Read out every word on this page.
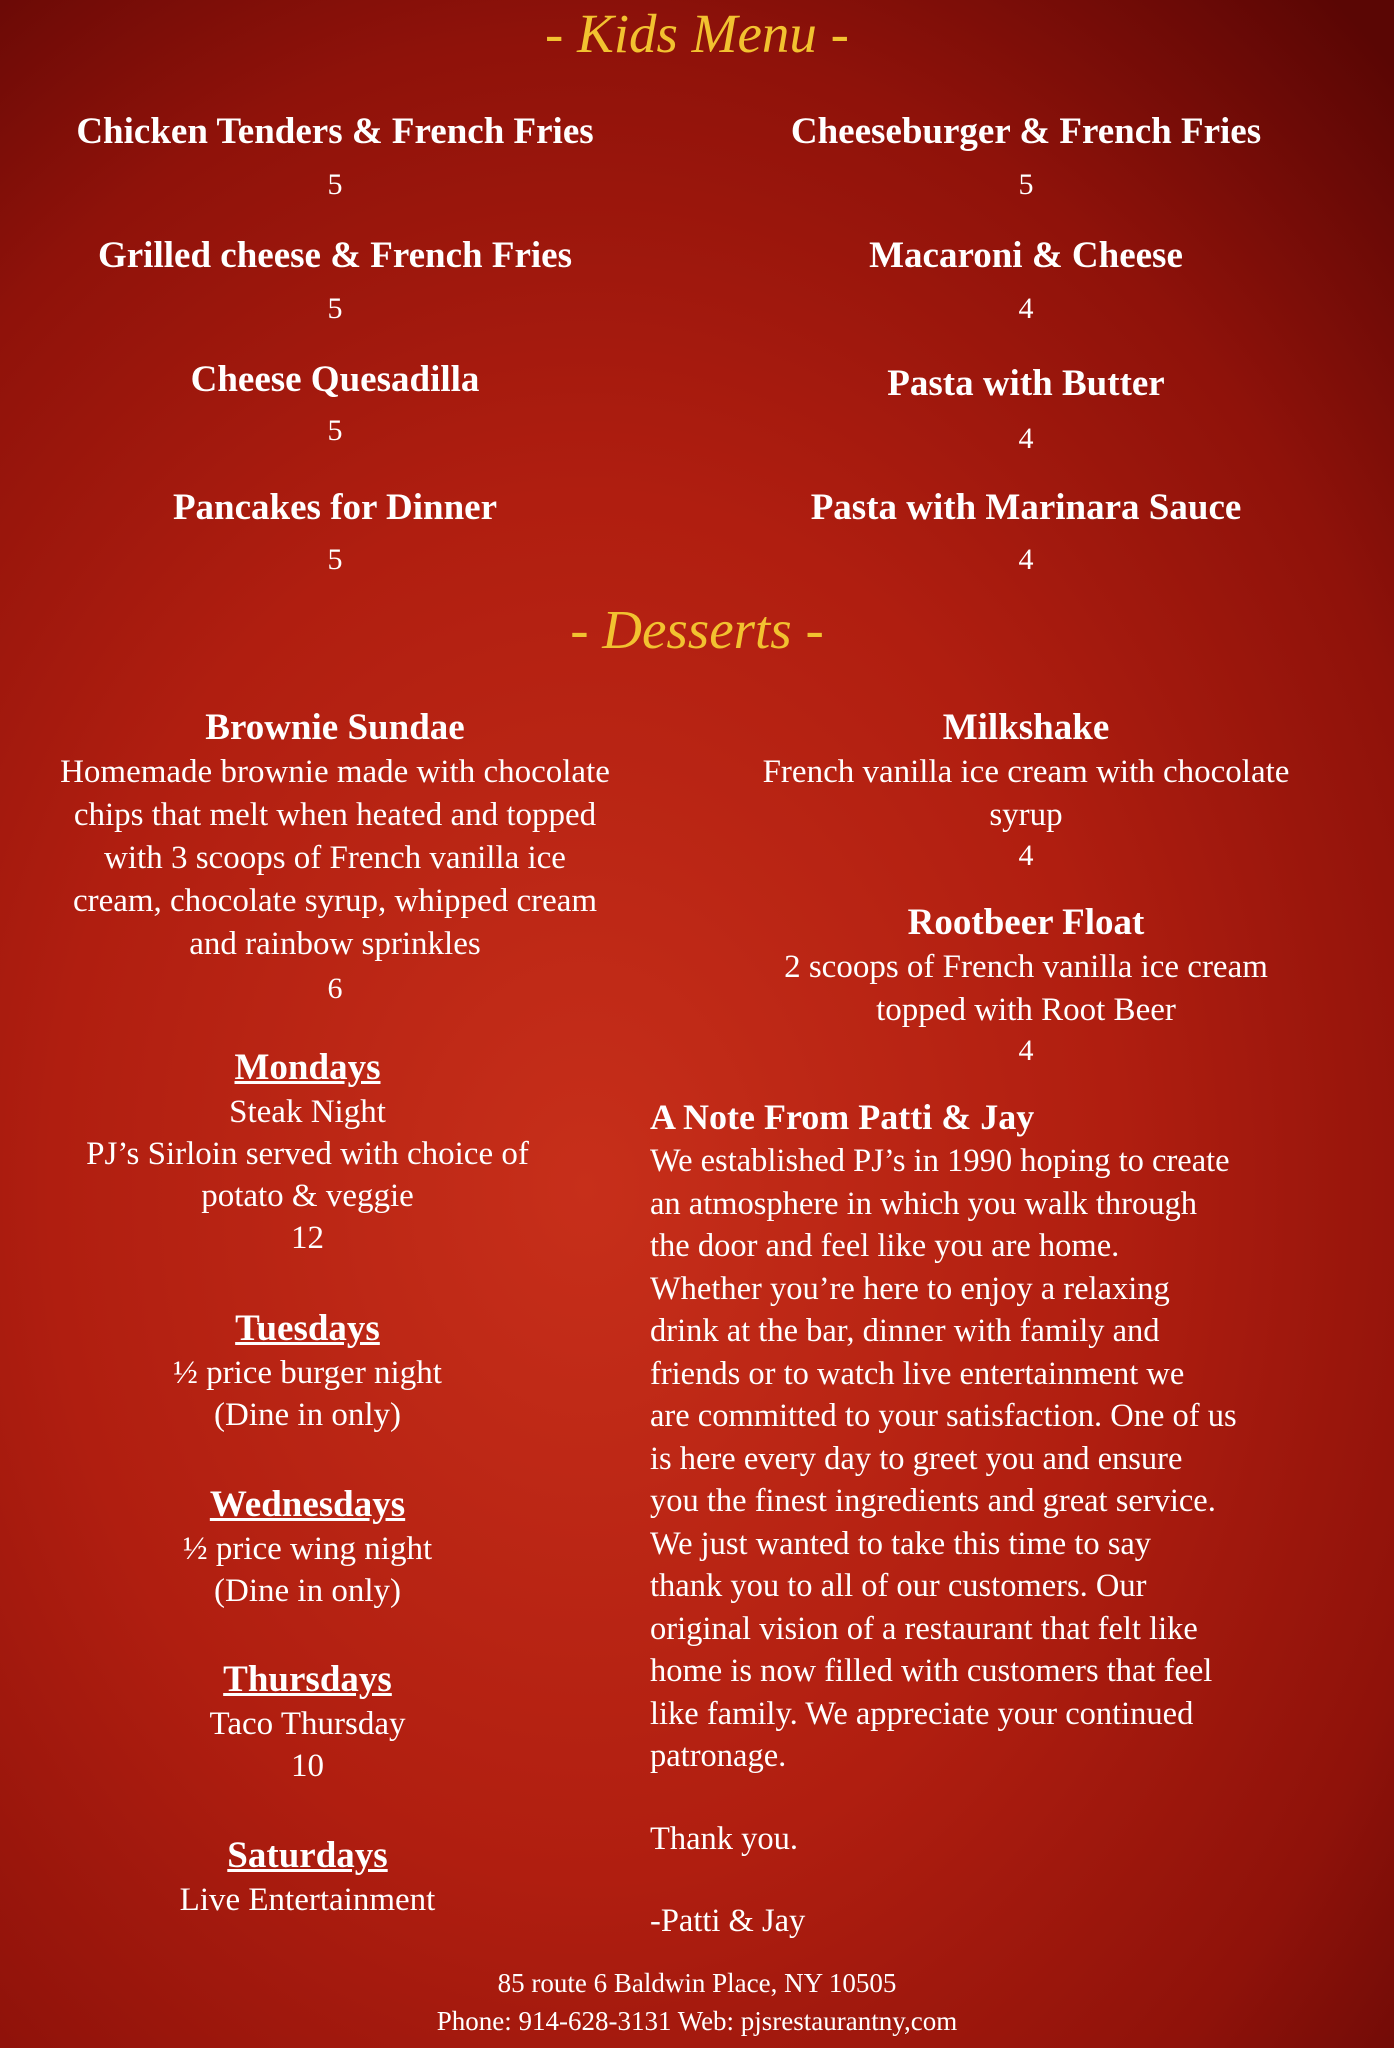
- Kids Menu -
Chicken Tenders & French Fries
5
Grilled cheese & French Fries
5
Cheese Quesadilla
5
Pancakes for Dinner
5
Cheeseburger & French Fries
5
Macaroni & Cheese
4
Pasta with Butter
4
Pasta with Marinara Sauce
4
- Desserts -
Brownie Sundae
Homemade brownie made with chocolate
chips that melt when heated and topped
with 3 scoops of French vanilla ice
cream, chocolate syrup, whipped cream
and rainbow sprinkles
6
Milkshake
French vanilla ice cream with chocolate
syrup
4
Rootbeer Float
2 scoops of French vanilla ice cream
topped with Root Beer
4
Mondays
Steak Night
PJ’s Sirloin served with choice of
potato & veggie
12
Tuesdays
½ price burger night
(Dine in only)
Wednesdays
½ price wing night
(Dine in only)
Thursdays
Taco Thursday
10
Saturdays
Live Entertainment
A Note From Patti & Jay
We established PJ’s in 1990 hoping to create
an atmosphere in which you walk through
the door and feel like you are home.
Whether you’re here to enjoy a relaxing
drink at the bar, dinner with family and
friends or to watch live entertainment we
are committed to your satisfaction. One of us
is here every day to greet you and ensure
you the finest ingredients and great service.
We just wanted to take this time to say
thank you to all of our customers. Our
original vision of a restaurant that felt like
home is now filled with customers that feel
like family. We appreciate your continued
patronage.
Thank you.
-Patti & Jay
85 route 6 Baldwin Place, NY 10505
Phone: 914-628-3131 Web: pjsrestaurantny,com
